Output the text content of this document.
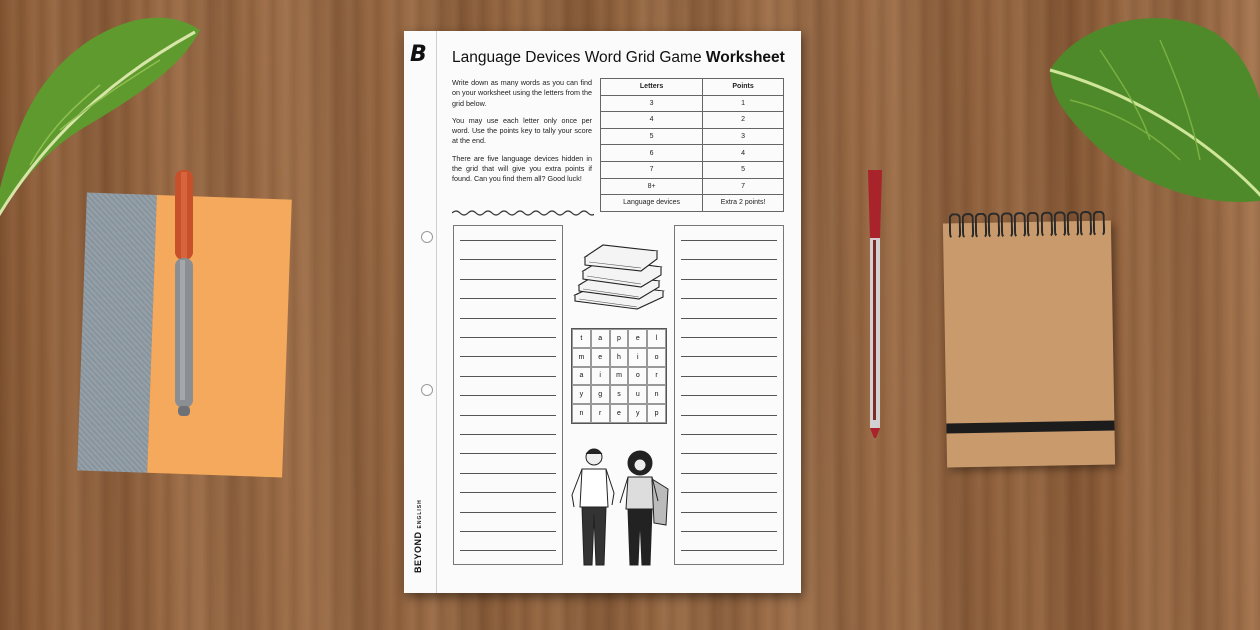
B
BEYOND ENGLISH
Language Devices Word Grid Game Worksheet

Write down as many words as you can find on your worksheet using the letters from the grid below.

You may use each letter only once per word. Use the points key to tally your score at the end.

There are five language devices hidden in the grid that will give you extra points if found. Can you find them all? Good luck!

Letters	Points
3	1
4	2
5	3
6	4
7	5
8+	7
Language devices	Extra 2 points!
t	a	p	e	l
m	e	h	i	o
a	i	m	o	r
y	g	s	u	n
n	r	e	y	p
